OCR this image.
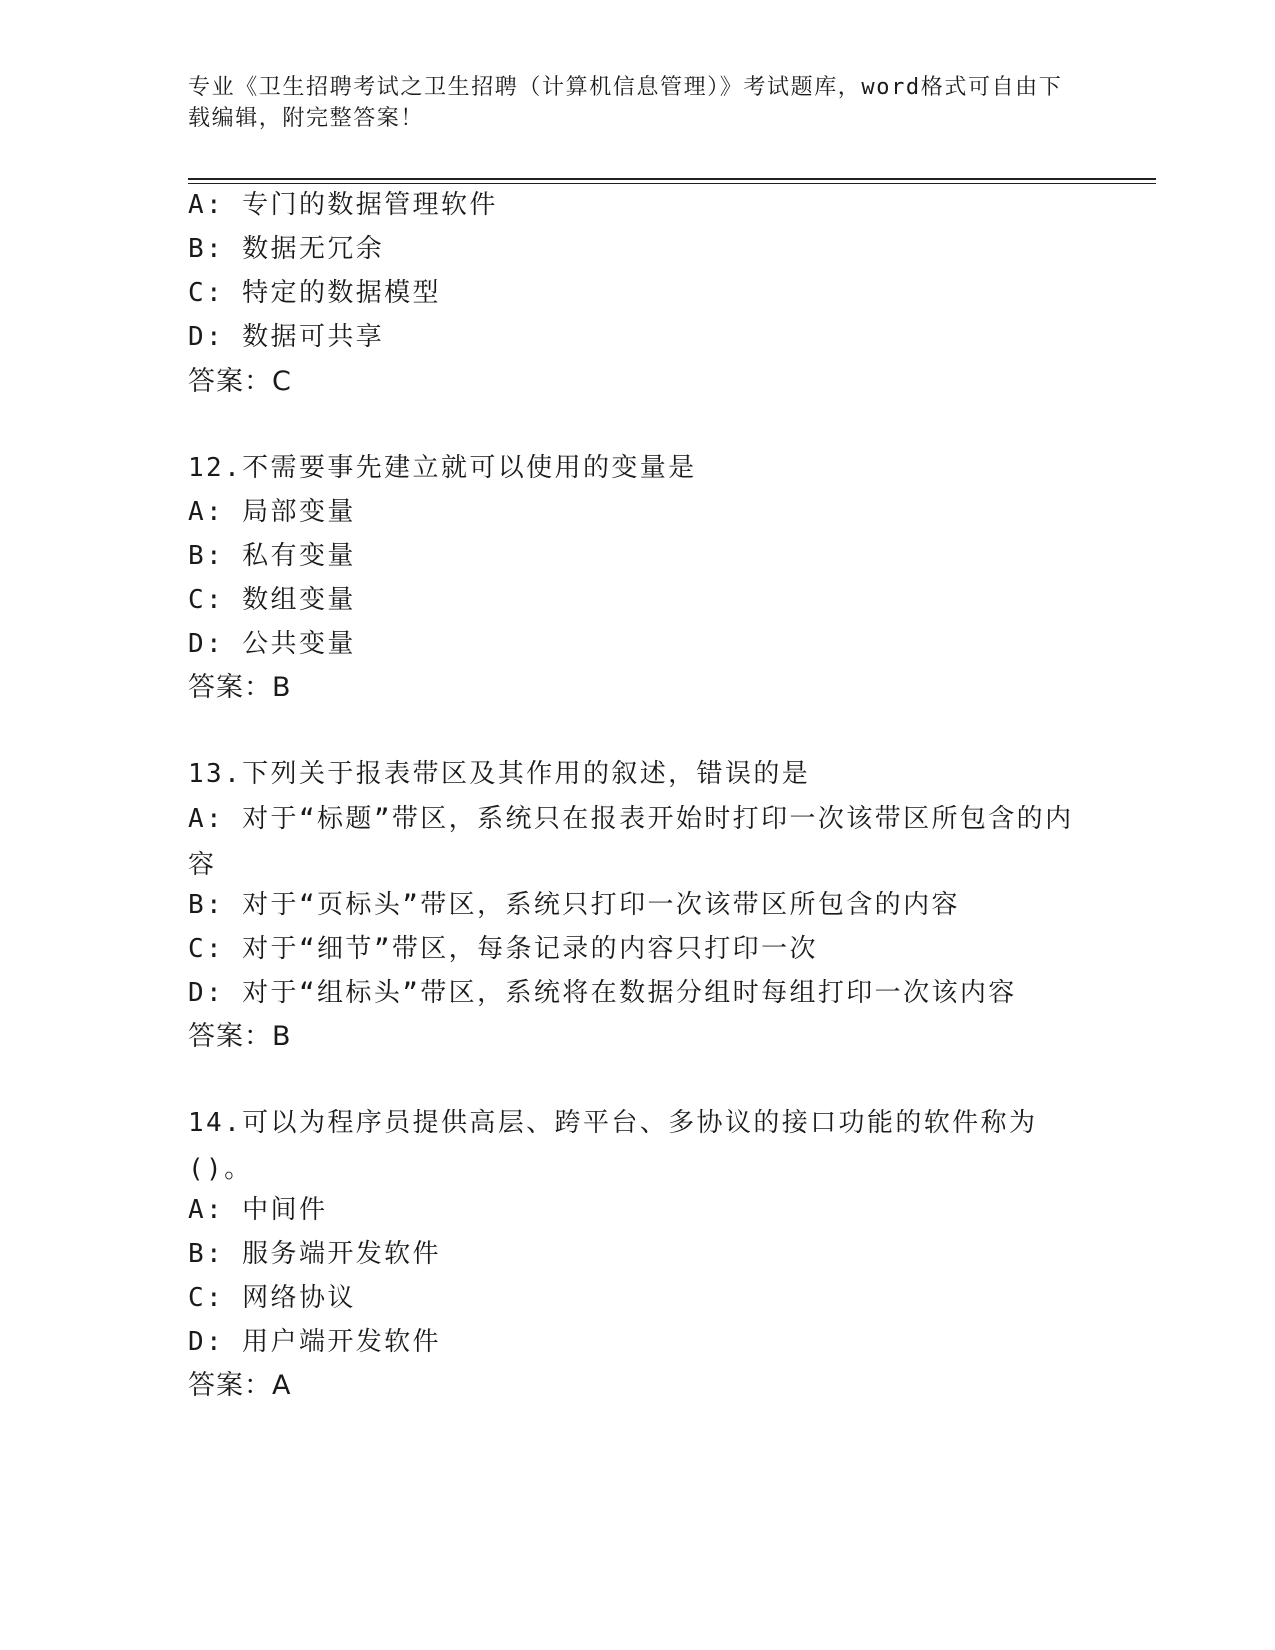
专业《卫生招聘考试之卫生招聘（计算机信息管理）》考试题库，word格式可自由下载编辑，附完整答案！
A: 专门的数据管理软件
B: 数据无冗余
C: 特定的数据模型
D: 数据可共享
答案：C
12.不需要事先建立就可以使用的变量是
A: 局部变量
B: 私有变量
C: 数组变量
D: 公共变量
答案：B
13.下列关于报表带区及其作用的叙述，错误的是
A: 对于“标题”带区，系统只在报表开始时打印一次该带区所包含的内容
B: 对于“页标头”带区，系统只打印一次该带区所包含的内容
C: 对于“细节”带区，每条记录的内容只打印一次
D: 对于“组标头”带区，系统将在数据分组时每组打印一次该内容
答案：B
14.可以为程序员提供高层、跨平台、多协议的接口功能的软件称为()。
A: 中间件
B: 服务端开发软件
C: 网络协议
D: 用户端开发软件
答案：A
